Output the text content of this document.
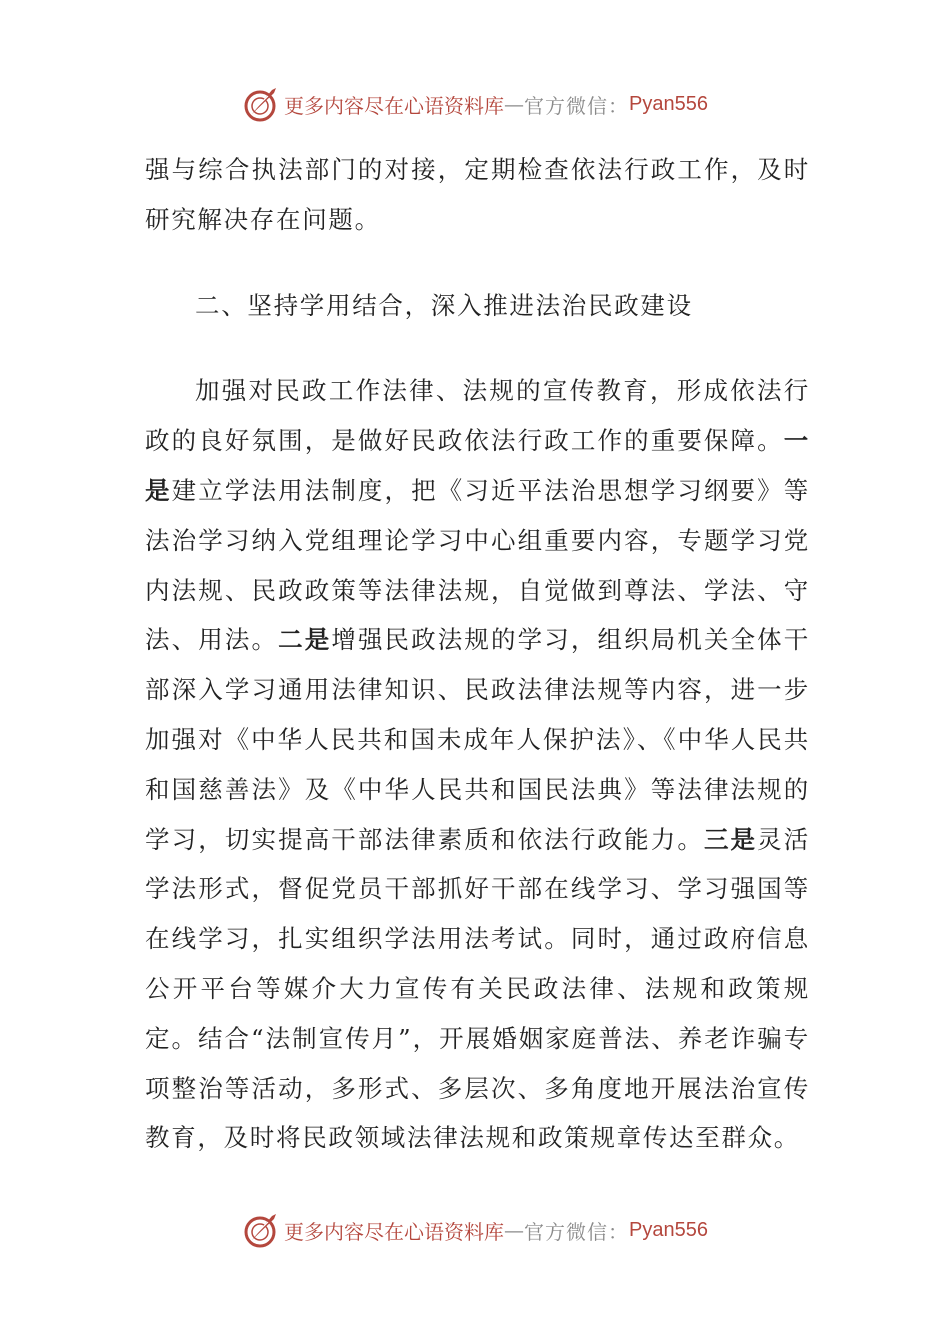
更多内容尽在心语资料库 — 官方微信： Pyan556

强与综合执法部门的对接，定期检查依法行政工作，及时研究解决存在问题。

二、坚持学用结合，深入推进法治民政建设

加强对民政工作法律、法规的宣传教育，形成依法行政的良好氛围，是做好民政依法行政工作的重要保障。一是建立学法用法制度，把《习近平法治思想学习纲要》等法治学习纳入党组理论学习中心组重要内容，专题学习党内法规、民政政策等法律法规，自觉做到尊法、学法、守法、用法。二是增强民政法规的学习，组织局机关全体干部深入学习通用法律知识、民政法律法规等内容，进一步加强对《中华人民共和国未成年人保护法》、《中华人民共和国慈善法》及《中华人民共和国民法典》等法律法规的学习，切实提高干部法律素质和依法行政能力。三是灵活学法形式，督促党员干部抓好干部在线学习、学习强国等在线学习，扎实组织学法用法考试。同时，通过政府信息公开平台等媒介大力宣传有关民政法律、法规和政策规定。结合“法制宣传月”，开展婚姻家庭普法、养老诈骗专项整治等活动，多形式、多层次、多角度地开展法治宣传教育，及时将民政领域法律法规和政策规章传达至群众。

更多内容尽在心语资料库 — 官方微信： Pyan556
